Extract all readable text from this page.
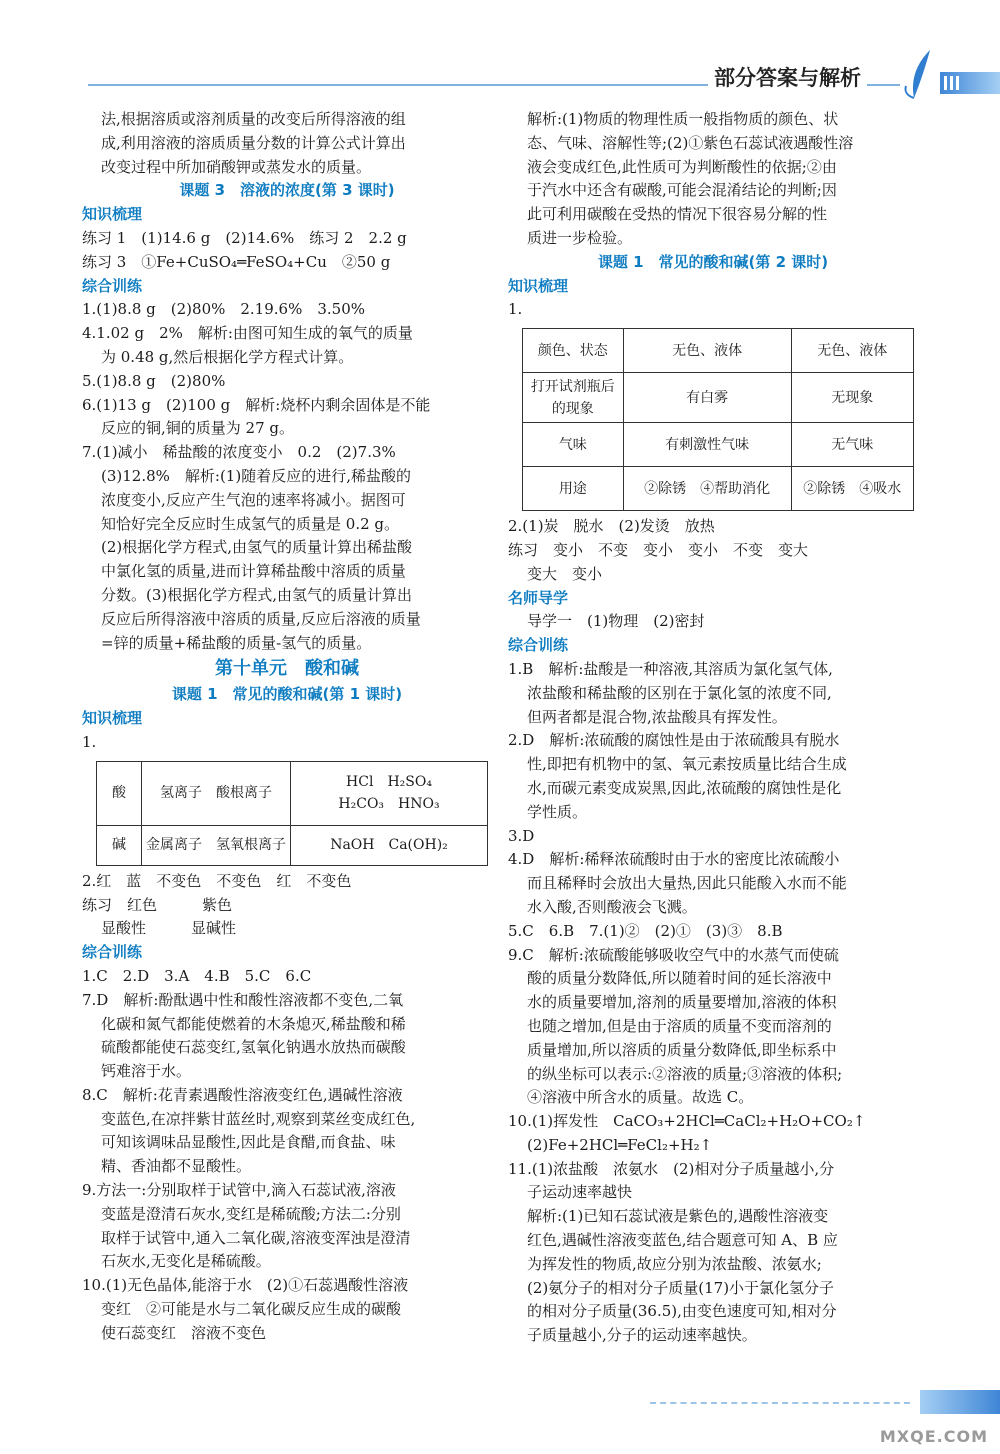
部分答案与解析
法,根据溶质或溶剂质量的改变后所得溶液的组
成,利用溶液的溶质质量分数的计算公式计算出
改变过程中所加硝酸钾或蒸发水的质量。
课题 3　溶液的浓度(第 3 课时)
知识梳理
练习 1　(1)14.6 g　(2)14.6%　练习 2　2.2 g
练习 3　①Fe+CuSO₄═FeSO₄+Cu　②50 g
综合训练
1.(1)8.8 g　(2)80%　2.19.6%　3.50%
4.1.02 g　2%　解析:由图可知生成的氧气的质量
为 0.48 g,然后根据化学方程式计算。
5.(1)8.8 g　(2)80%
6.(1)13 g　(2)100 g　解析:烧杯内剩余固体是不能
反应的铜,铜的质量为 27 g。
7.(1)减小　稀盐酸的浓度变小　0.2　(2)7.3%
(3)12.8%　解析:(1)随着反应的进行,稀盐酸的
浓度变小,反应产生气泡的速率将减小。据图可
知恰好完全反应时生成氢气的质量是 0.2 g。
(2)根据化学方程式,由氢气的质量计算出稀盐酸
中氯化氢的质量,进而计算稀盐酸中溶质的质量
分数。(3)根据化学方程式,由氢气的质量计算出
反应后所得溶液中溶质的质量,反应后溶液的质量
=锌的质量+稀盐酸的质量-氢气的质量。
第十单元　酸和碱
课题 1　常见的酸和碱(第 1 课时)
知识梳理
1.
酸	氢离子　酸根离子	HCl　H₂SO₄
H₂CO₃　HNO₃

碱	金属离子　氢氧根离子	NaOH　Ca(OH)₂
2.红　蓝　不变色　不变色　红　不变色
练习　红色　　　紫色
显酸性　　　显碱性
综合训练
1.C　2.D　3.A　4.B　5.C　6.C
7.D　解析:酚酞遇中性和酸性溶液都不变色,二氧
化碳和氮气都能使燃着的木条熄灭,稀盐酸和稀
硫酸都能使石蕊变红,氢氧化钠遇水放热而碳酸
钙难溶于水。
8.C　解析:花青素遇酸性溶液变红色,遇碱性溶液
变蓝色,在凉拌紫甘蓝丝时,观察到菜丝变成红色,
可知该调味品显酸性,因此是食醋,而食盐、味
精、香油都不显酸性。
9.方法一:分别取样于试管中,滴入石蕊试液,溶液
变蓝是澄清石灰水,变红是稀硫酸;方法二:分别
取样于试管中,通入二氧化碳,溶液变浑浊是澄清
石灰水,无变化是稀硫酸。
10.(1)无色晶体,能溶于水　(2)①石蕊遇酸性溶液
变红　②可能是水与二氧化碳反应生成的碳酸
使石蕊变红　溶液不变色
解析:(1)物质的物理性质一般指物质的颜色、状
态、气味、溶解性等;(2)①紫色石蕊试液遇酸性溶
液会变成红色,此性质可为判断酸性的依据;②由
于汽水中还含有碳酸,可能会混淆结论的判断;因
此可利用碳酸在受热的情况下很容易分解的性
质进一步检验。
课题 1　常见的酸和碱(第 2 课时)
知识梳理
1.
颜色、状态	无色、液体	无色、液体
打开试剂瓶后的现象	有白雾	无现象
气味	有刺激性气味	无气味
用途	②除锈　④帮助消化	②除锈　④吸水
2.(1)炭　脱水　(2)发烫　放热
练习　变小　不变　变小　变小　不变　变大
变大　变小
名师导学
导学一　(1)物理　(2)密封
综合训练
1.B　解析:盐酸是一种溶液,其溶质为氯化氢气体,
浓盐酸和稀盐酸的区别在于氯化氢的浓度不同,
但两者都是混合物,浓盐酸具有挥发性。
2.D　解析:浓硫酸的腐蚀性是由于浓硫酸具有脱水
性,即把有机物中的氢、氧元素按质量比结合生成
水,而碳元素变成炭黑,因此,浓硫酸的腐蚀性是化
学性质。
3.D
4.D　解析:稀释浓硫酸时由于水的密度比浓硫酸小
而且稀释时会放出大量热,因此只能酸入水而不能
水入酸,否则酸液会飞溅。
5.C　6.B　7.(1)②　(2)①　(3)③　8.B
9.C　解析:浓硫酸能够吸收空气中的水蒸气而使硫
酸的质量分数降低,所以随着时间的延长溶液中
水的质量要增加,溶剂的质量要增加,溶液的体积
也随之增加,但是由于溶质的质量不变而溶剂的
质量增加,所以溶质的质量分数降低,即坐标系中
的纵坐标可以表示:②溶液的质量;③溶液的体积;
④溶液中所含水的质量。故选 C。
10.(1)挥发性　CaCO₃+2HCl═CaCl₂+H₂O+CO₂↑
(2)Fe+2HCl═FeCl₂+H₂↑
11.(1)浓盐酸　浓氨水　(2)相对分子质量越小,分
子运动速率越快
解析:(1)已知石蕊试液是紫色的,遇酸性溶液变
红色,遇碱性溶液变蓝色,结合题意可知 A、B 应
为挥发性的物质,故应分别为浓盐酸、浓氨水;
(2)氨分子的相对分子质量(17)小于氯化氢分子
的相对分子质量(36.5),由变色速度可知,相对分
子质量越小,分子的运动速率越快。
MXQE.COM
